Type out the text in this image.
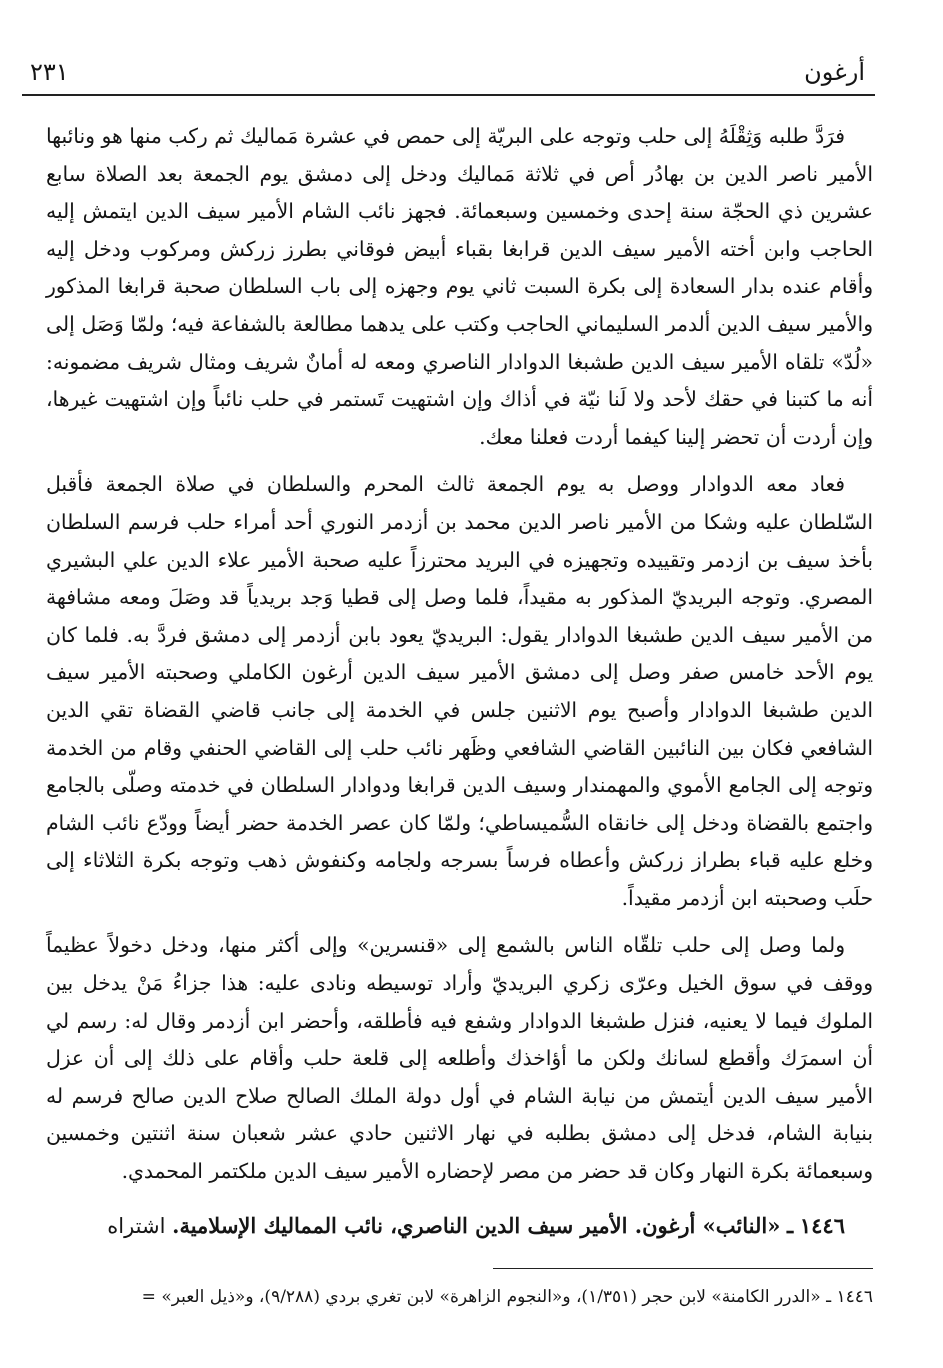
أرغون
٢٣١

فرَدَّ طلبه وَثِقْلَهُ إلى حلب وتوجه على البريّة إلى حمص في عشرة مَماليك ثم ركب منها هو ونائبها الأمير ناصر الدين بن بهادُر أص في ثلاثة مَماليك ودخل إلى دمشق يوم الجمعة بعد الصلاة سابع عشرين ذي الحجّة سنة إحدى وخمسين وسبعمائة. فجهز نائب الشام الأمير سيف الدين ايتمش إليه الحاجب وابن أخته الأمير سيف الدين قرابغا بقباء أبيض فوقاني بطرز زركش ومركوب ودخل إليه وأقام عنده بدار السعادة إلى بكرة السبت ثاني يوم وجهزه إلى باب السلطان صحبة قرابغا المذكور والأمير سيف الدين ألدمر السليماني الحاجب وكتب على يدهما مطالعة بالشفاعة فيه؛ ولمّا وَصَل إلى «لُدّ» تلقاه الأمير سيف الدين طشبغا الدوادار الناصري ومعه له أمانٌ شريف ومثال شريف مضمونه: أنه ما كتبنا في حقك لأحد ولا لَنا نيّة في أذاك وإن اشتهيت تَستمر في حلب نائباً وإن اشتهيت غيرها، وإن أردت أن تحضر إلينا كيفما أردت فعلنا معك.

فعاد معه الدوادار ووصل به يوم الجمعة ثالث المحرم والسلطان في صلاة الجمعة فأقبل السّلطان عليه وشكا من الأمير ناصر الدين محمد بن أزدمر النوري أحد أمراء حلب فرسم السلطان بأخذ سيف بن ازدمر وتقييده وتجهيزه في البريد محترزاً عليه صحبة الأمير علاء الدين علي البشيري المصري. وتوجه البريديّ المذكور به مقيداً، فلما وصل إلى قطيا وَجد بريدياً قد وصَلَ ومعه مشافهة من الأمير سيف الدين طشبغا الدوادار يقول: البريديّ يعود بابن أزدمر إلى دمشق فردَّ به. فلما كان يوم الأحد خامس صفر وصل إلى دمشق الأمير سيف الدين أرغون الكاملي وصحبته الأمير سيف الدين طشبغا الدوادار وأصبح يوم الاثنين جلس في الخدمة إلى جانب قاضي القضاة تقي الدين الشافعي فكان بين النائبين القاضي الشافعي وظَهر نائب حلب إلى القاضي الحنفي وقام من الخدمة وتوجه إلى الجامع الأموي والمهمندار وسيف الدين قرابغا ودوادار السلطان في خدمته وصلّى بالجامع واجتمع بالقضاة ودخل إلى خانقاه السُّميساطي؛ ولمّا كان عصر الخدمة حضر أيضاً وودّع نائب الشام وخلع عليه قباء بطراز زركش وأعطاه فرساً بسرجه ولجامه وكنفوش ذهب وتوجه بكرة الثلاثاء إلى حلَب وصحبته ابن أزدمر مقيداً.

ولما وصل إلى حلب تلقّاه الناس بالشمع إلى «قنسرين» وإلى أكثر منها، ودخل دخولاً عظيماً ووقف في سوق الخيل وعرّى زكري البريديّ وأراد توسيطه ونادى عليه: هذا جزاءُ مَنْ يدخل بين الملوك فيما لا يعنيه، فنزل طشبغا الدوادار وشفع فيه فأطلقه، وأحضر ابن أزدمر وقال له: رسم لي أن اسمرَك وأقطع لسانك ولكن ما أؤاخذك وأطلعه إلى قلعة حلب وأقام على ذلك إلى أن عزل الأمير سيف الدين أيتمش من نيابة الشام في أول دولة الملك الصالح صلاح الدين صالح فرسم له بنيابة الشام، فدخل إلى دمشق بطلبه في نهار الاثنين حادي عشر شعبان سنة اثنتين وخمسين وسبعمائة بكرة النهار وكان قد حضر من مصر لإحضاره الأمير سيف الدين ملكتمر المحمدي.

١٤٤٦ ـ «النائب» أرغون. الأمير سيف الدين الناصري، نائب المماليك الإسلامية. اشتراه

١٤٤٦ ـ «الدرر الكامنة» لابن حجر (١/٣٥١)، و«النجوم الزاهرة» لابن تغري بردي (٩/٢٨٨)، و«ذيل العبر» =
